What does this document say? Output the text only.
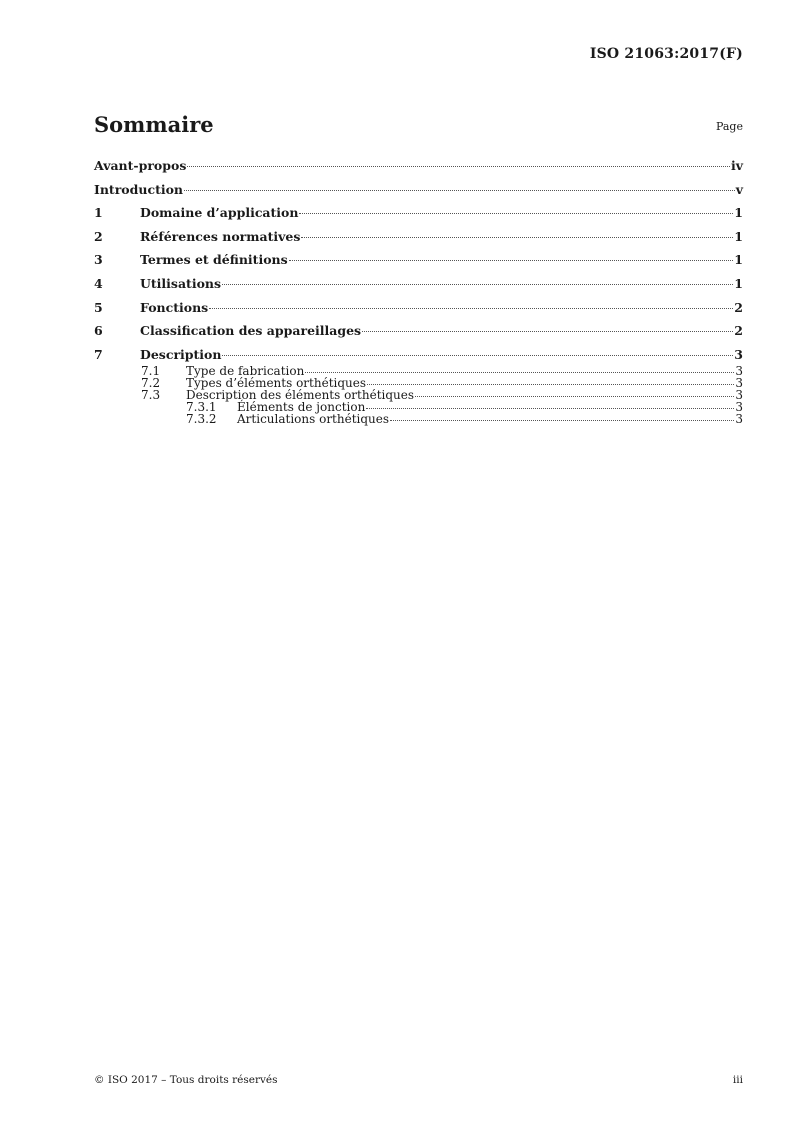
ISO 21063:2017(F)
Sommaire	Page
Avant-propos	iv
Introduction	v
1	Domaine d’application	1
2	Références normatives	1
3	Termes et définitions	1
4	Utilisations	1
5	Fonctions	2
6	Classification des appareillages	2
7	Description	3
7.1	Type de fabrication	3
7.2	Types d’éléments orthétiques	3
7.3	Description des éléments orthétiques	3
7.3.1	Éléments de jonction	3
7.3.2	Articulations orthétiques	3
© ISO 2017 – Tous droits réservés	iii
